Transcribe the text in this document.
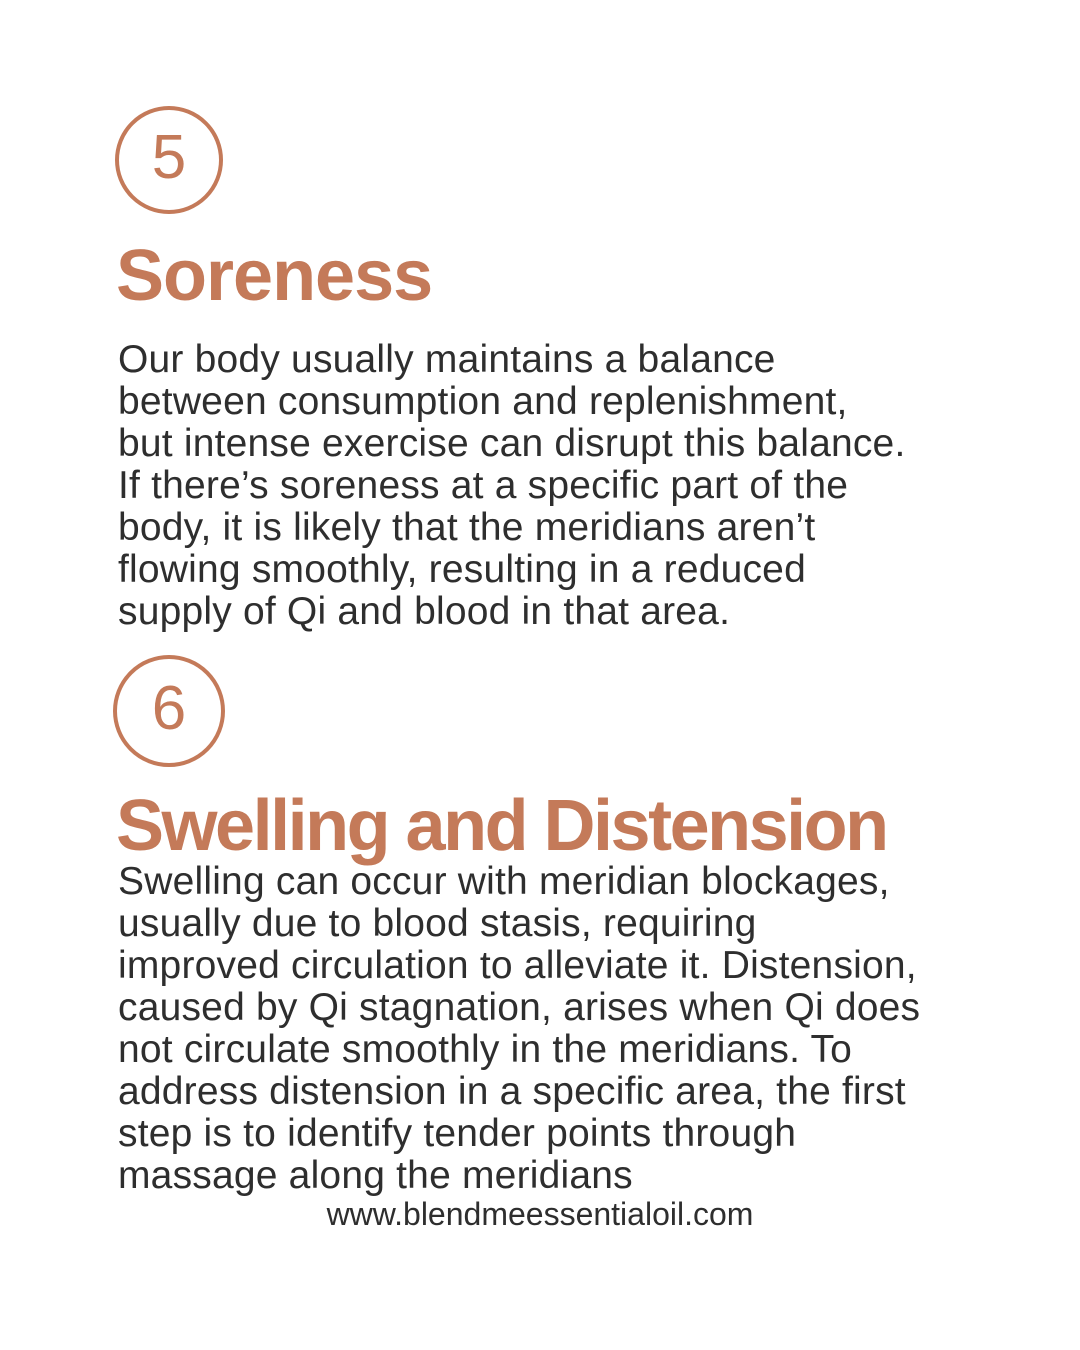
5
Soreness
Our body usually maintains a balance
between consumption and replenishment,
but intense exercise can disrupt this balance.
If there’s soreness at a specific part of the
body, it is likely that the meridians aren’t
flowing smoothly, resulting in a reduced
supply of Qi and blood in that area.
6
Swelling and Distension
Swelling can occur with meridian blockages,
usually due to blood stasis, requiring
improved circulation to alleviate it. Distension,
caused by Qi stagnation, arises when Qi does
not circulate smoothly in the meridians. To
address distension in a specific area, the first
step is to identify tender points through
massage along the meridians
www.blendmeessentialoil.com
